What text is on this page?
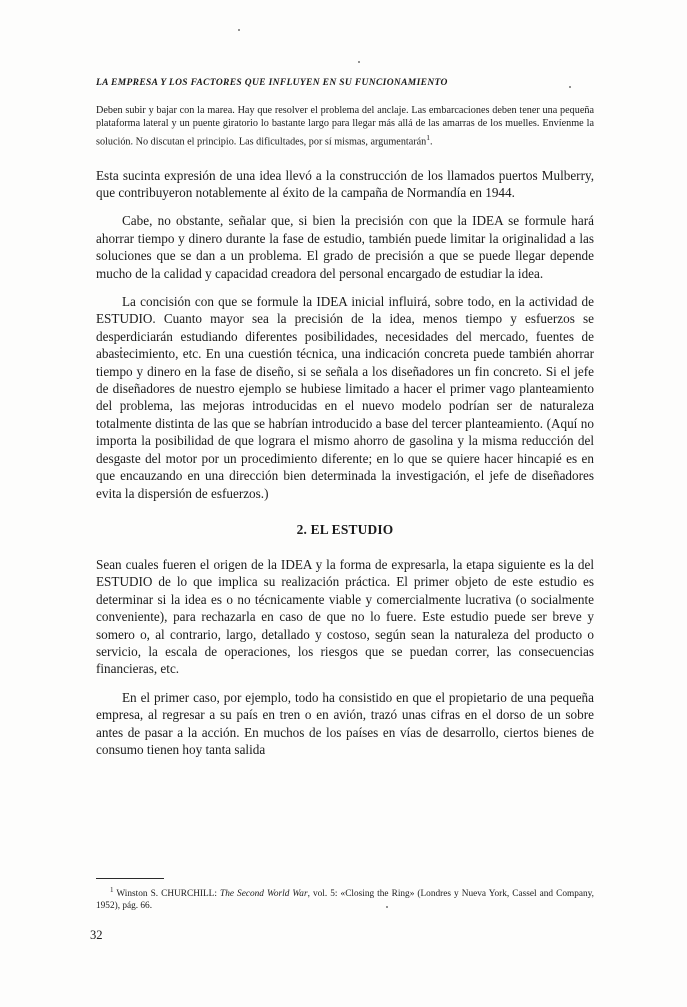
LA EMPRESA Y LOS FACTORES QUE INFLUYEN EN SU FUNCIONAMIENTO
Deben subir y bajar con la marea. Hay que resolver el problema del anclaje. Las embarcaciones deben tener una pequeña plataforma lateral y un puente giratorio lo bastante largo para llegar más allá de las amarras de los muelles. Envíenme la solución. No discutan el principio. Las dificultades, por sí mismas, argumentarán$^1$.

Esta sucinta expresión de una idea llevó a la construcción de los llamados puertos Mulberry, que contribuyeron notablemente al éxito de la campaña de Normandía en 1944.

Cabe, no obstante, señalar que, si bien la precisión con que la IDEA se formule hará ahorrar tiempo y dinero durante la fase de estudio, también puede limitar la originalidad a las soluciones que se dan a un problema. El grado de precisión a que se puede llegar depende mucho de la calidad y capacidad creadora del personal encargado de estudiar la idea.

La concisión con que se formule la IDEA inicial influirá, sobre todo, en la actividad de ESTUDIO. Cuanto mayor sea la precisión de la idea, menos tiempo y esfuerzos se desperdiciarán estudiando diferentes posibilidades, necesidades del mercado, fuentes de abastecimiento, etc. En una cuestión técnica, una indicación concreta puede también ahorrar tiempo y dinero en la fase de diseño, si se señala a los diseñadores un fin concreto. Si el jefe de diseñadores de nuestro ejemplo se hubiese limitado a hacer el primer vago planteamiento del problema, las mejoras introducidas en el nuevo modelo podrían ser de naturaleza totalmente distinta de las que se habrían introducido a base del tercer planteamiento. (Aquí no importa la posibilidad de que lograra el mismo ahorro de gasolina y la misma reducción del desgaste del motor por un procedimiento diferente; en lo que se quiere hacer hincapié es en que encauzando en una dirección bien determinada la investigación, el jefe de diseñadores evita la dispersión de esfuerzos.)

2. EL ESTUDIO

Sean cuales fueren el origen de la IDEA y la forma de expresarla, la etapa siguiente es la del ESTUDIO de lo que implica su realización práctica. El primer objeto de este estudio es determinar si la idea es o no técnicamente viable y comercialmente lucrativa (o socialmente conveniente), para rechazarla en caso de que no lo fuere. Este estudio puede ser breve y somero o, al contrario, largo, detallado y costoso, según sean la naturaleza del producto o servicio, la escala de operaciones, los riesgos que se puedan correr, las consecuencias financieras, etc.

En el primer caso, por ejemplo, todo ha consistido en que el propietario de una pequeña empresa, al regresar a su país en tren o en avión, trazó unas cifras en el dorso de un sobre antes de pasar a la acción. En muchos de los países en vías de desarrollo, ciertos bienes de consumo tienen hoy tanta salida

$^1$ Winston S. CHURCHILL: The Second World War, vol. 5: «Closing the Ring» (Londres y Nueva York, Cassel and Company, 1952), pág. 66.

32
